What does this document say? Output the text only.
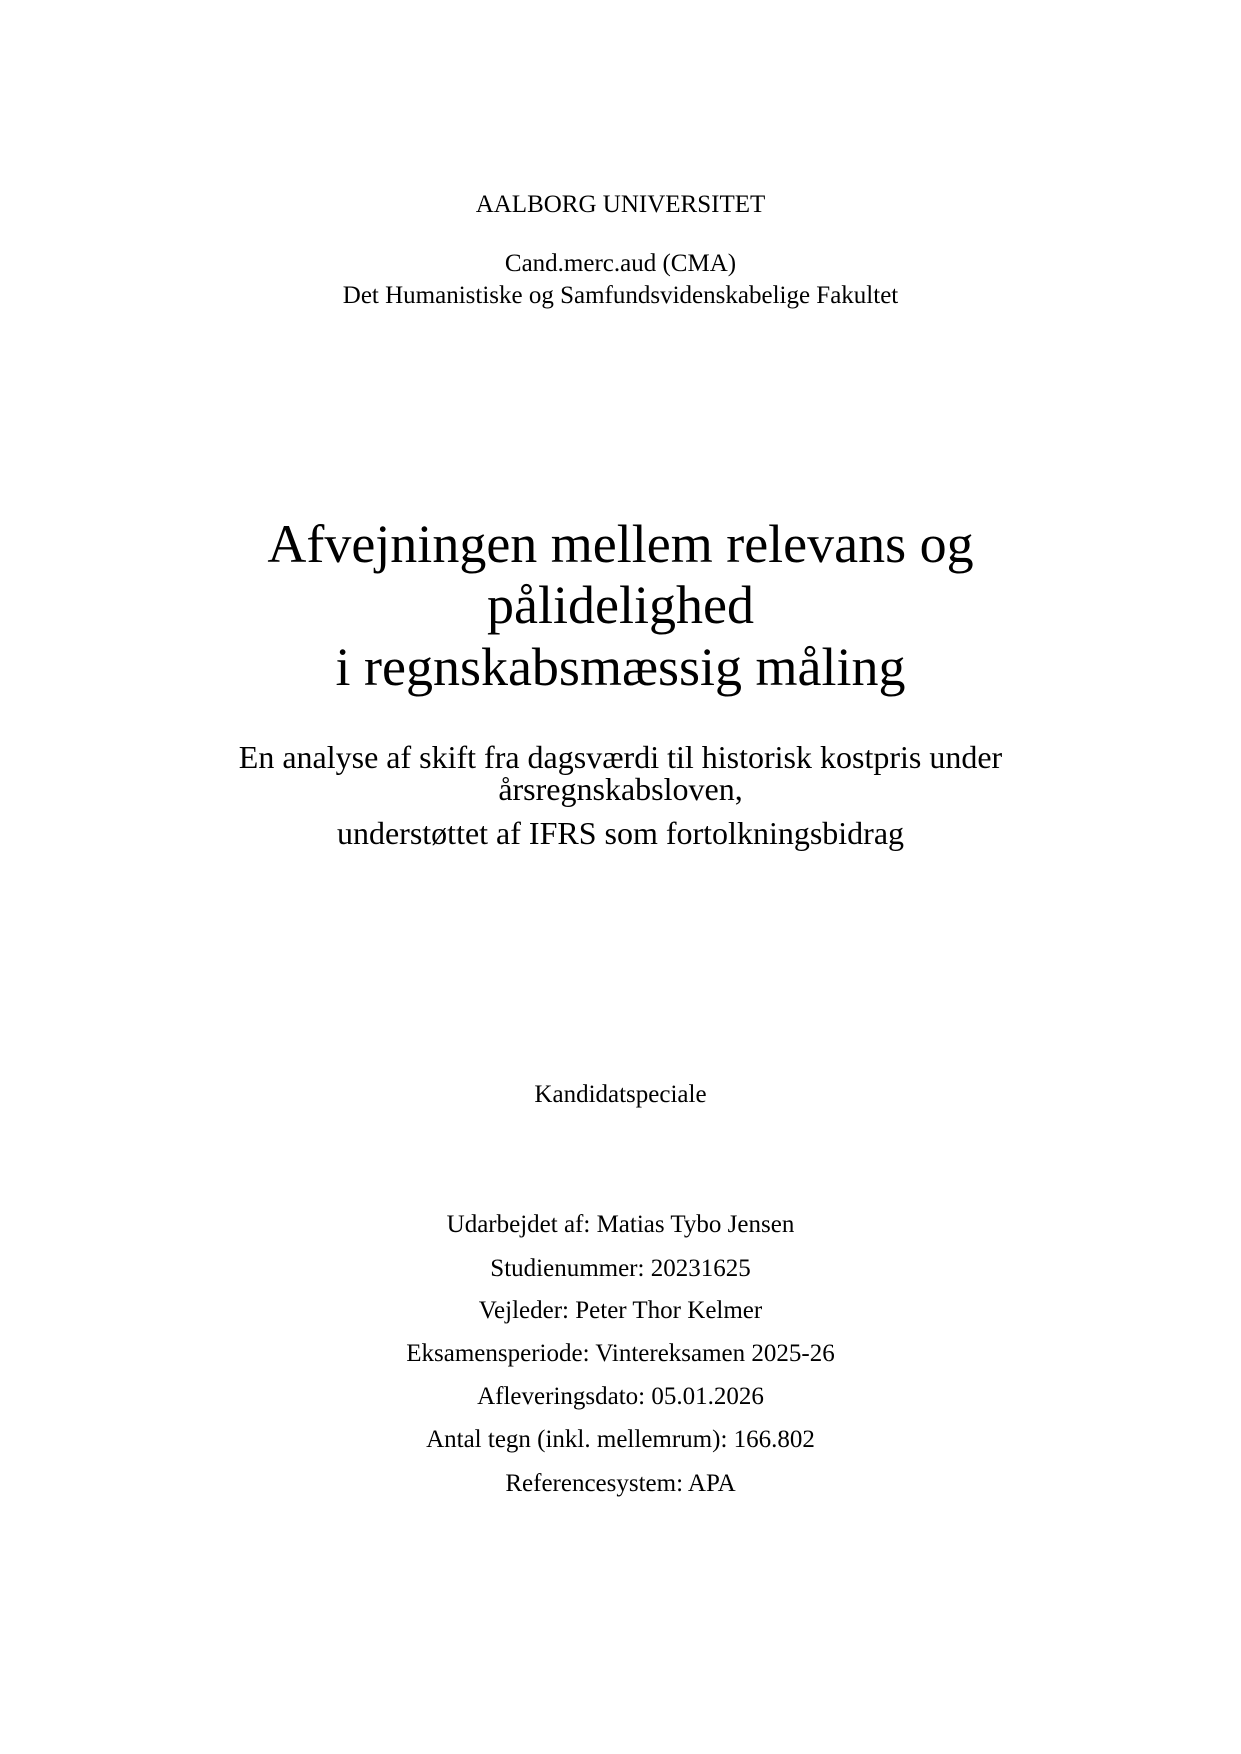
AALBORG UNIVERSITET
Cand.merc.aud (CMA)
Det Humanistiske og Samfundsvidenskabelige Fakultet
Afvejningen mellem relevans og
pålidelighed
i regnskabsmæssig måling
En analyse af skift fra dagsværdi til historisk kostpris under
årsregnskabsloven,
understøttet af IFRS som fortolkningsbidrag
Kandidatspeciale
Udarbejdet af: Matias Tybo Jensen
Studienummer: 20231625
Vejleder: Peter Thor Kelmer
Eksamensperiode: Vintereksamen 2025-26
Afleveringsdato: 05.01.2026
Antal tegn (inkl. mellemrum): 166.802
Referencesystem: APA
